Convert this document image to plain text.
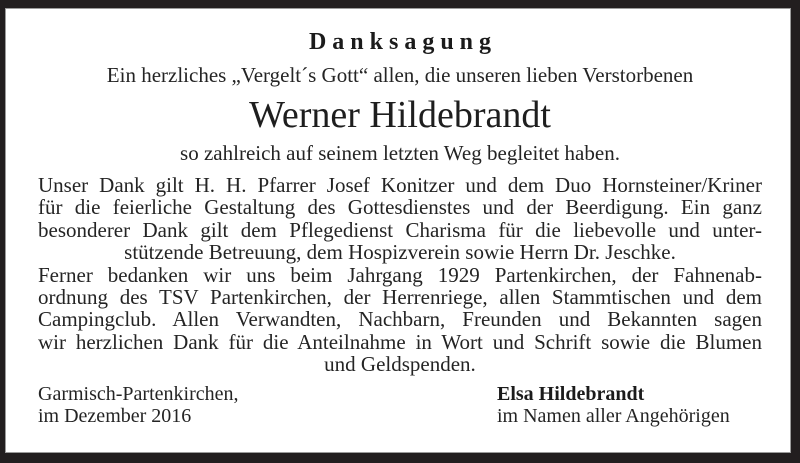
Danksagung
Ein herzliches „Vergelt´s Gott“ allen, die unseren lieben Verstorbenen
Werner Hildebrandt
so zahlreich auf seinem letzten Weg begleitet haben.
Unser Dank gilt H. H. Pfarrer Josef Konitzer und dem Duo Hornsteiner/Kriner
für die feierliche Gestaltung des Gottesdienstes und der Beerdigung. Ein ganz
besonderer Dank gilt dem Pflegedienst Charisma für die liebevolle und unter-
stützende Betreuung, dem Hospizverein sowie Herrn Dr. Jeschke.
Ferner bedanken wir uns beim Jahrgang 1929 Partenkirchen, der Fahnenab-
ordnung des TSV Partenkirchen, der Herrenriege, allen Stammtischen und dem
Campingclub. Allen Verwandten, Nachbarn, Freunden und Bekannten sagen
wir herzlichen Dank für die Anteilnahme in Wort und Schrift sowie die Blumen
und Geldspenden.
Garmisch-Partenkirchen,
im Dezember 2016
Elsa Hildebrandt
im Namen aller Angehörigen
